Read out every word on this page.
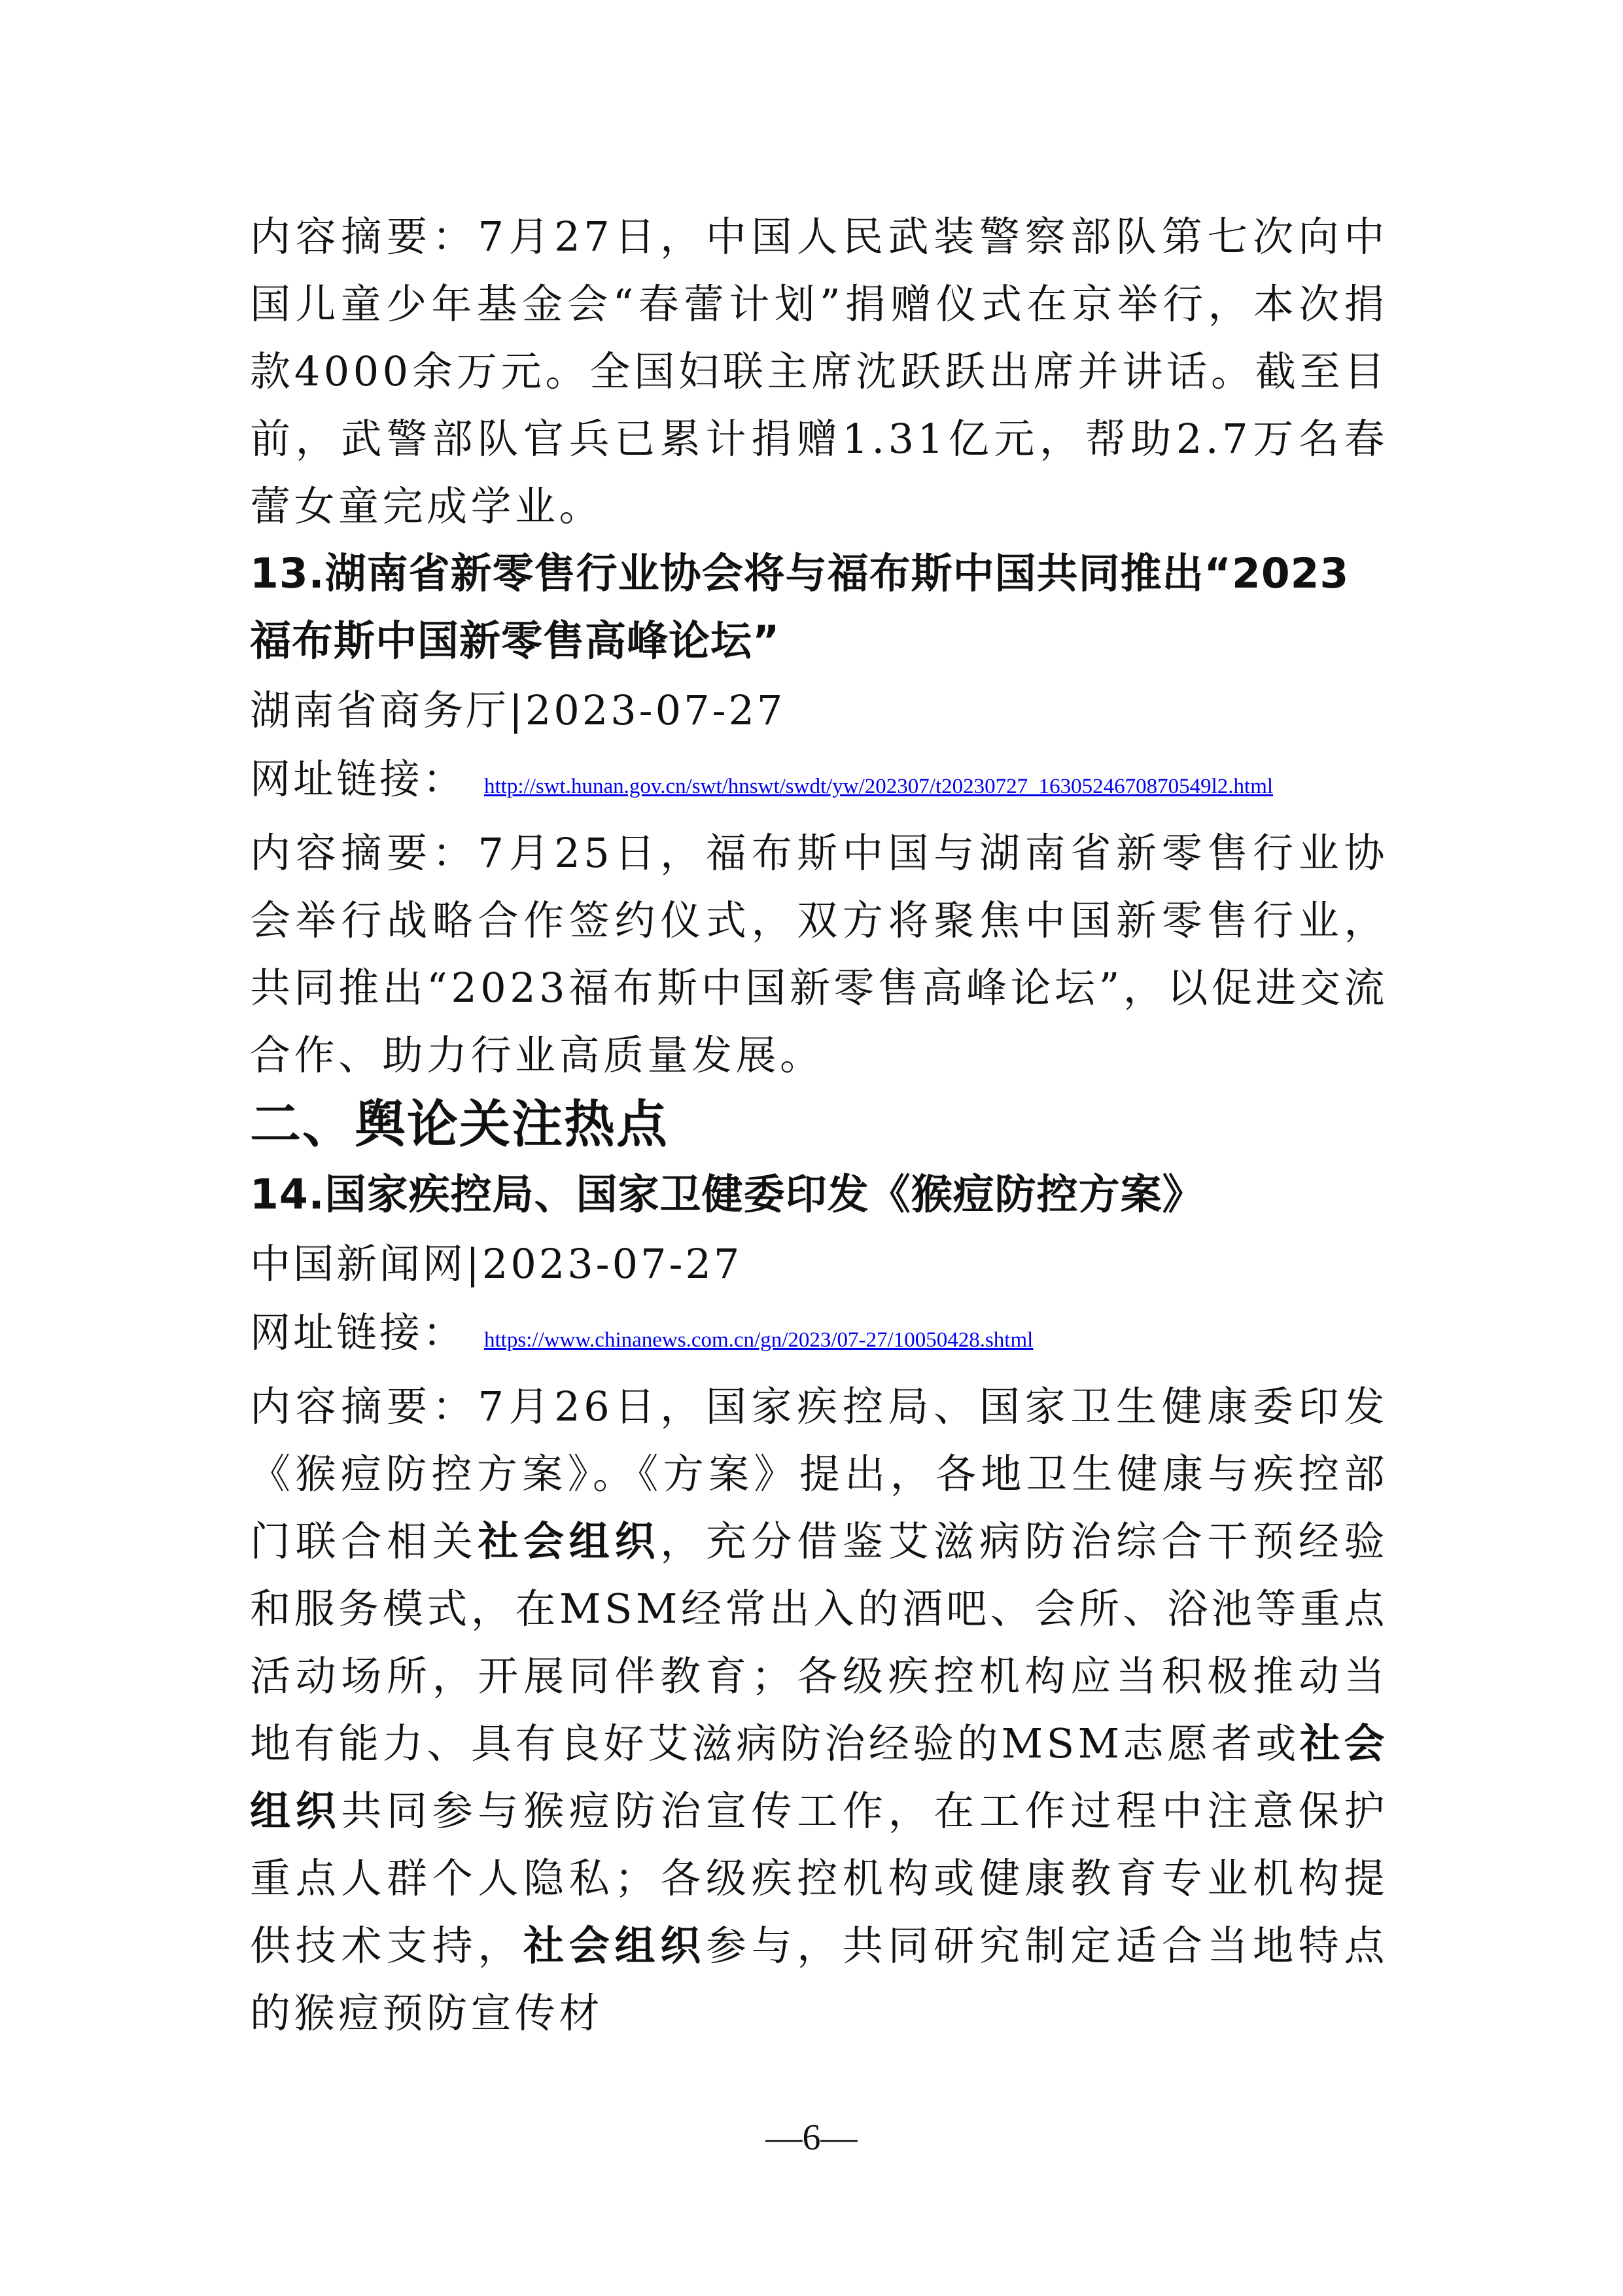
内容摘要：7月27日，中国人民武装警察部队第七次向中国儿童少年基金会“春蕾计划”捐赠仪式在京举行，本次捐款4000余万元。全国妇联主席沈跃跃出席并讲话。截至目前，武警部队官兵已累计捐赠1.31亿元，帮助2.7万名春蕾女童完成学业。

13.湖南省新零售行业协会将与福布斯中国共同推出“2023福布斯中国新零售高峰论坛”

湖南省商务厅|2023-07-27

网址链接： http://swt.hunan.gov.cn/swt/hnswt/swdt/yw/202307/t20230727_1630524670870549l2.html

内容摘要：7月25日，福布斯中国与湖南省新零售行业协会举行战略合作签约仪式，双方将聚焦中国新零售行业，共同推出“2023福布斯中国新零售高峰论坛”，以促进交流合作、助力行业高质量发展。

二、舆论关注热点

14.国家疾控局、国家卫健委印发《猴痘防控方案》

中国新闻网|2023-07-27

网址链接： https://www.chinanews.com.cn/gn/2023/07-27/10050428.shtml

内容摘要：7月26日，国家疾控局、国家卫生健康委印发《猴痘防控方案》。《方案》提出，各地卫生健康与疾控部门联合相关社会组织，充分借鉴艾滋病防治综合干预经验和服务模式，在MSM经常出入的酒吧、会所、浴池等重点活动场所，开展同伴教育；各级疾控机构应当积极推动当地有能力、具有良好艾滋病防治经验的MSM志愿者或社会组织共同参与猴痘防治宣传工作，在工作过程中注意保护重点人群个人隐私；各级疾控机构或健康教育专业机构提供技术支持，社会组织参与，共同研究制定适合当地特点的猴痘预防宣传材

—6—
